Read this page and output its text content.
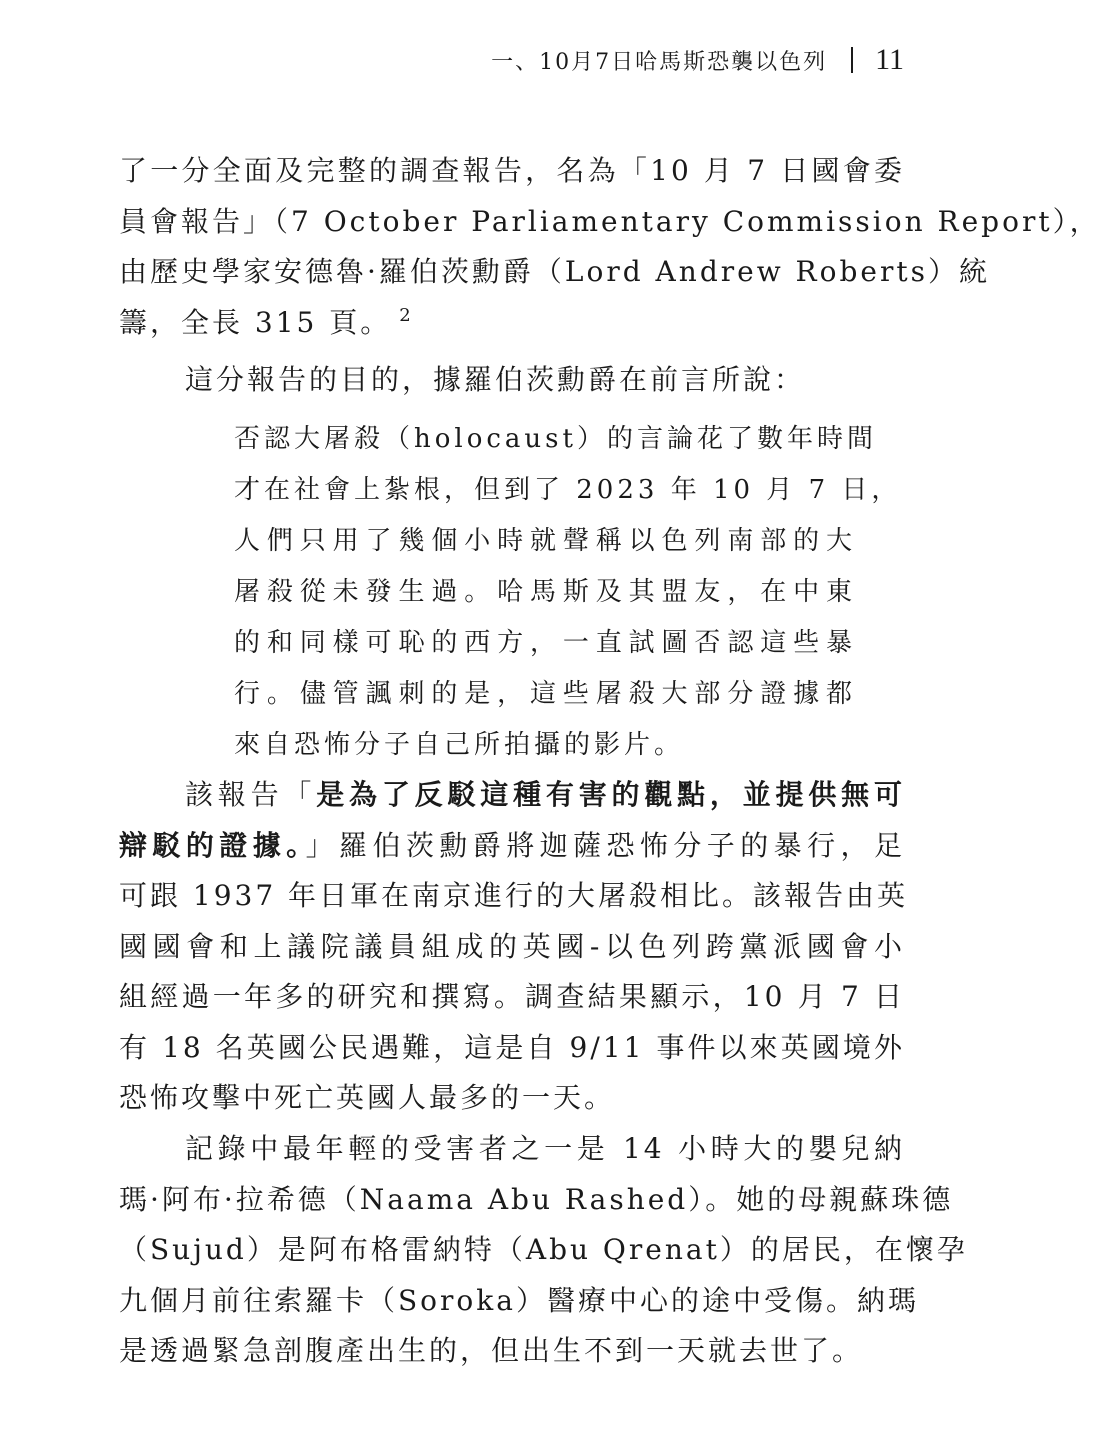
一、10月7日哈馬斯恐襲以色列 11

了一分全面及完整的調查報告，名為「10 月 7 日國會委

員會報告」（7 October Parliamentary Commission Report），

由歷史學家安德魯·羅伯茨勳爵（Lord Andrew Roberts）統

籌，全長 315 頁。 $^2$

這分報告的目的，據羅伯茨勳爵在前言所說：

否認大屠殺（holocaust）的言論花了數年時間

才在社會上紮根，但到了 2023 年 10 月 7 日，

人們只用了幾個小時就聲稱以色列南部的大

屠殺從未發生過。哈馬斯及其盟友，在中東

的和同樣可恥的西方，一直試圖否認這些暴

行。儘管諷刺的是，這些屠殺大部分證據都

來自恐怖分子自己所拍攝的影片。

該報告「是為了反駁這種有害的觀點，並提供無可

辯駁的證據。」羅伯茨勳爵將迦薩恐怖分子的暴行，足

可跟 1937 年日軍在南京進行的大屠殺相比。該報告由英

國國會和上議院議員組成的英國-以色列跨黨派國會小

組經過一年多的研究和撰寫。調查結果顯示，10 月 7 日

有 18 名英國公民遇難，這是自 9/11 事件以來英國境外

恐怖攻擊中死亡英國人最多的一天。

記錄中最年輕的受害者之一是 14 小時大的嬰兒納

瑪·阿布·拉希德（Naama Abu Rashed）。她的母親蘇珠德

（Sujud）是阿布格雷納特（Abu Qrenat）的居民，在懷孕

九個月前往索羅卡（Soroka）醫療中心的途中受傷。納瑪

是透過緊急剖腹產出生的，但出生不到一天就去世了。
